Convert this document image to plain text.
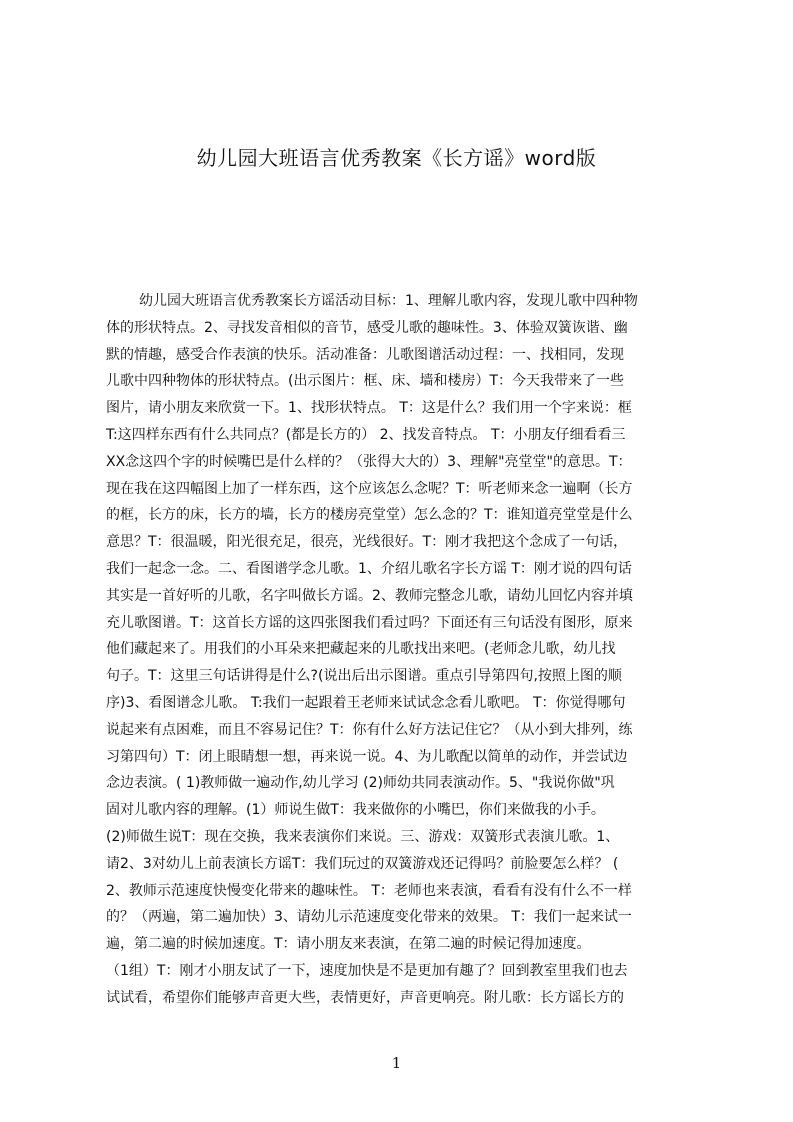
幼儿园大班语言优秀教案《长方谣》word版
幼儿园大班语言优秀教案长方谣活动目标：1、理解儿歌内容，发现儿歌中四种物
体的形状特点。2、寻找发音相似的音节，感受儿歌的趣味性。3、体验双簧诙谐、幽
默的情趣，感受合作表演的快乐。活动准备：儿歌图谱活动过程：一、找相同，发现
儿歌中四种物体的形状特点。(出示图片：框、床、墙和楼房）T：今天我带来了一些
图片，请小朋友来欣赏一下。1、找形状特点。 T：这是什么？我们用一个字来说：框
T:这四样东西有什么共同点？(都是长方的） 2、找发音特点。 T：小朋友仔细看看三
XX念这四个字的时候嘴巴是什么样的？（张得大大的）3、理解"亮堂堂"的意思。T：
现在我在这四幅图上加了一样东西，这个应该怎么念呢？T：听老师来念一遍啊（长方
的框，长方的床，长方的墙，长方的楼房亮堂堂）怎么念的？T：谁知道亮堂堂是什么
意思？T：很温暖，阳光很充足，很亮，光线很好。T：刚才我把这个念成了一句话，
我们一起念一念。二、看图谱学念儿歌。1、介绍儿歌名字长方谣 T：刚才说的四句话
其实是一首好听的儿歌，名字叫做长方谣。2、教师完整念儿歌，请幼儿回忆内容并填
充儿歌图谱。T：这首长方谣的这四张图我们看过吗？下面还有三句话没有图形，原来
他们藏起来了。用我们的小耳朵来把藏起来的儿歌找出来吧。(老师念儿歌，幼儿找
句子。T：这里三句话讲得是什么?(说出后出示图谱。重点引导第四句,按照上图的顺
序)3、看图谱念儿歌。 T:我们一起跟着王老师来试试念念看儿歌吧。 T：你觉得哪句
说起来有点困难，而且不容易记住？T：你有什么好方法记住它？（从小到大排列，练
习第四句）T：闭上眼睛想一想，再来说一说。4、为儿歌配以简单的动作，并尝试边
念边表演。( 1)教师做一遍动作,幼儿学习 (2)师幼共同表演动作。5、"我说你做"巩
固对儿歌内容的理解。(1）师说生做T：我来做你的小嘴巴，你们来做我的小手。
(2)师做生说T：现在交换，我来表演你们来说。三、游戏：双簧形式表演儿歌。1、
请2、3对幼儿上前表演长方谣T：我们玩过的双簧游戏还记得吗？前脸要怎么样？ (
2、教师示范速度快慢变化带来的趣味性。 T：老师也来表演，看看有没有什么不一样
的？（两遍，第二遍加快）3、请幼儿示范速度变化带来的效果。 T：我们一起来试一
遍，第二遍的时候加速度。T：请小朋友来表演，在第二遍的时候记得加速度。
（1组）T：刚才小朋友试了一下，速度加快是不是更加有趣了？回到教室里我们也去
试试看，希望你们能够声音更大些，表情更好，声音更响亮。附儿歌：长方谣长方的
1
